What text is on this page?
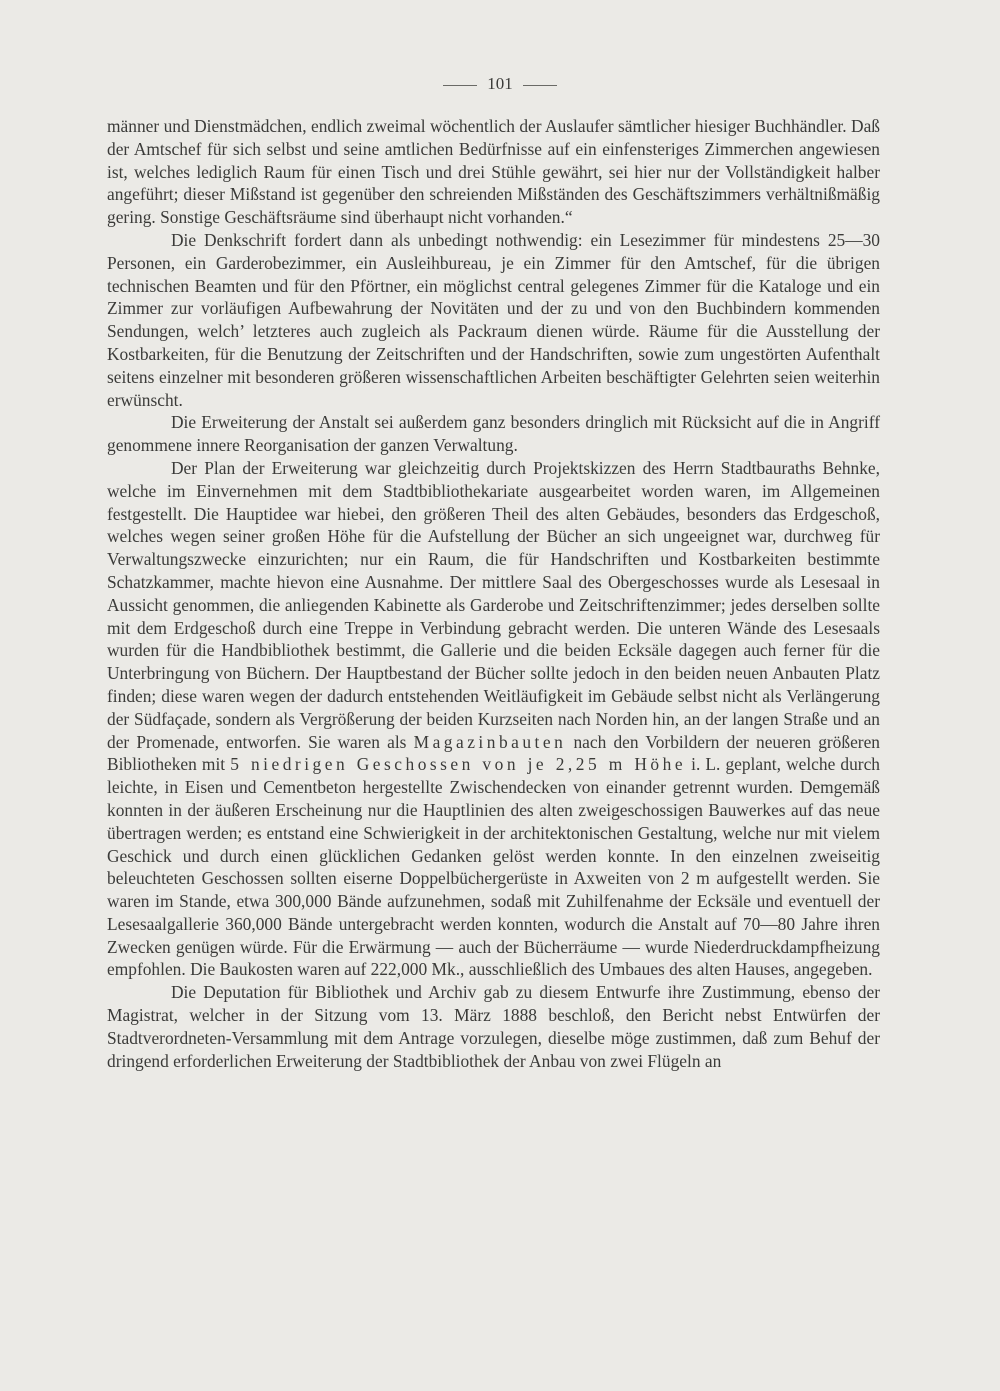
101

männer und Dienstmädchen, endlich zweimal wöchentlich der Auslaufer sämtlicher hiesiger Buchhändler. Daß der Amtschef für sich selbst und seine amtlichen Bedürfnisse auf ein einfensteriges Zimmerchen angewiesen ist, welches lediglich Raum für einen Tisch und drei Stühle gewährt, sei hier nur der Vollständigkeit halber angeführt; dieser Mißstand ist gegenüber den schreienden Mißständen des Geschäftszimmers verhältnißmäßig gering. Sonstige Geschäftsräume sind überhaupt nicht vorhanden.“

Die Denkschrift fordert dann als unbedingt nothwendig: ein Lesezimmer für mindestens 25—30 Personen, ein Garderobezimmer, ein Ausleihbureau, je ein Zimmer für den Amtschef, für die übrigen technischen Beamten und für den Pförtner, ein möglichst central gelegenes Zimmer für die Kataloge und ein Zimmer zur vorläufigen Aufbewahrung der Novitäten und der zu und von den Buchbindern kommenden Sendungen, welch’ letzteres auch zugleich als Packraum dienen würde. Räume für die Ausstellung der Kostbarkeiten, für die Benutzung der Zeitschriften und der Handschriften, sowie zum ungestörten Aufenthalt seitens einzelner mit besonderen größeren wissenschaftlichen Arbeiten beschäftigter Gelehrten seien weiterhin erwünscht.

Die Erweiterung der Anstalt sei außerdem ganz besonders dringlich mit Rücksicht auf die in Angriff genommene innere Reorganisation der ganzen Verwaltung.

Der Plan der Erweiterung war gleichzeitig durch Projektskizzen des Herrn Stadtbauraths Behnke, welche im Einvernehmen mit dem Stadtbibliothekariate ausgearbeitet worden waren, im Allgemeinen festgestellt. Die Hauptidee war hiebei, den größeren Theil des alten Gebäudes, besonders das Erdgeschoß, welches wegen seiner großen Höhe für die Aufstellung der Bücher an sich ungeeignet war, durchweg für Verwaltungszwecke einzurichten; nur ein Raum, die für Handschriften und Kostbarkeiten bestimmte Schatzkammer, machte hievon eine Ausnahme. Der mittlere Saal des Obergeschosses wurde als Lesesaal in Aussicht genommen, die anliegenden Kabinette als Garderobe und Zeitschriftenzimmer; jedes derselben sollte mit dem Erdgeschoß durch eine Treppe in Verbindung gebracht werden. Die unteren Wände des Lesesaals wurden für die Handbibliothek bestimmt, die Gallerie und die beiden Ecksäle dagegen auch ferner für die Unterbringung von Büchern. Der Hauptbestand der Bücher sollte jedoch in den beiden neuen Anbauten Platz finden; diese waren wegen der dadurch entstehenden Weitläufigkeit im Gebäude selbst nicht als Verlängerung der Südfaçade, sondern als Vergrößerung der beiden Kurzseiten nach Norden hin, an der langen Straße und an der Promenade, entworfen. Sie waren als Magazinbauten nach den Vorbildern der neueren größeren Bibliotheken mit 5 niedrigen Geschossen von je 2,25 m Höhe i. L. geplant, welche durch leichte, in Eisen und Cementbeton hergestellte Zwischendecken von einander getrennt wurden. Demgemäß konnten in der äußeren Erscheinung nur die Hauptlinien des alten zweigeschossigen Bauwerkes auf das neue übertragen werden; es entstand eine Schwierigkeit in der architektonischen Gestaltung, welche nur mit vielem Geschick und durch einen glücklichen Gedanken gelöst werden konnte. In den einzelnen zweiseitig beleuchteten Geschossen sollten eiserne Doppelbüchergerüste in Axweiten von 2 m aufgestellt werden. Sie waren im Stande, etwa 300,000 Bände aufzunehmen, sodaß mit Zuhilfenahme der Ecksäle und eventuell der Lesesaalgallerie 360,000 Bände untergebracht werden konnten, wodurch die Anstalt auf 70—80 Jahre ihren Zwecken genügen würde. Für die Erwärmung — auch der Bücherräume — wurde Niederdruckdampfheizung empfohlen. Die Baukosten waren auf 222,000 Mk., ausschließlich des Umbaues des alten Hauses, angegeben.

Die Deputation für Bibliothek und Archiv gab zu diesem Entwurfe ihre Zustimmung, ebenso der Magistrat, welcher in der Sitzung vom 13. März 1888 beschloß, den Bericht nebst Entwürfen der Stadtverordneten-Versammlung mit dem Antrage vorzulegen, dieselbe möge zustimmen, daß zum Behuf der dringend erforderlichen Erweiterung der Stadtbibliothek der Anbau von zwei Flügeln an
